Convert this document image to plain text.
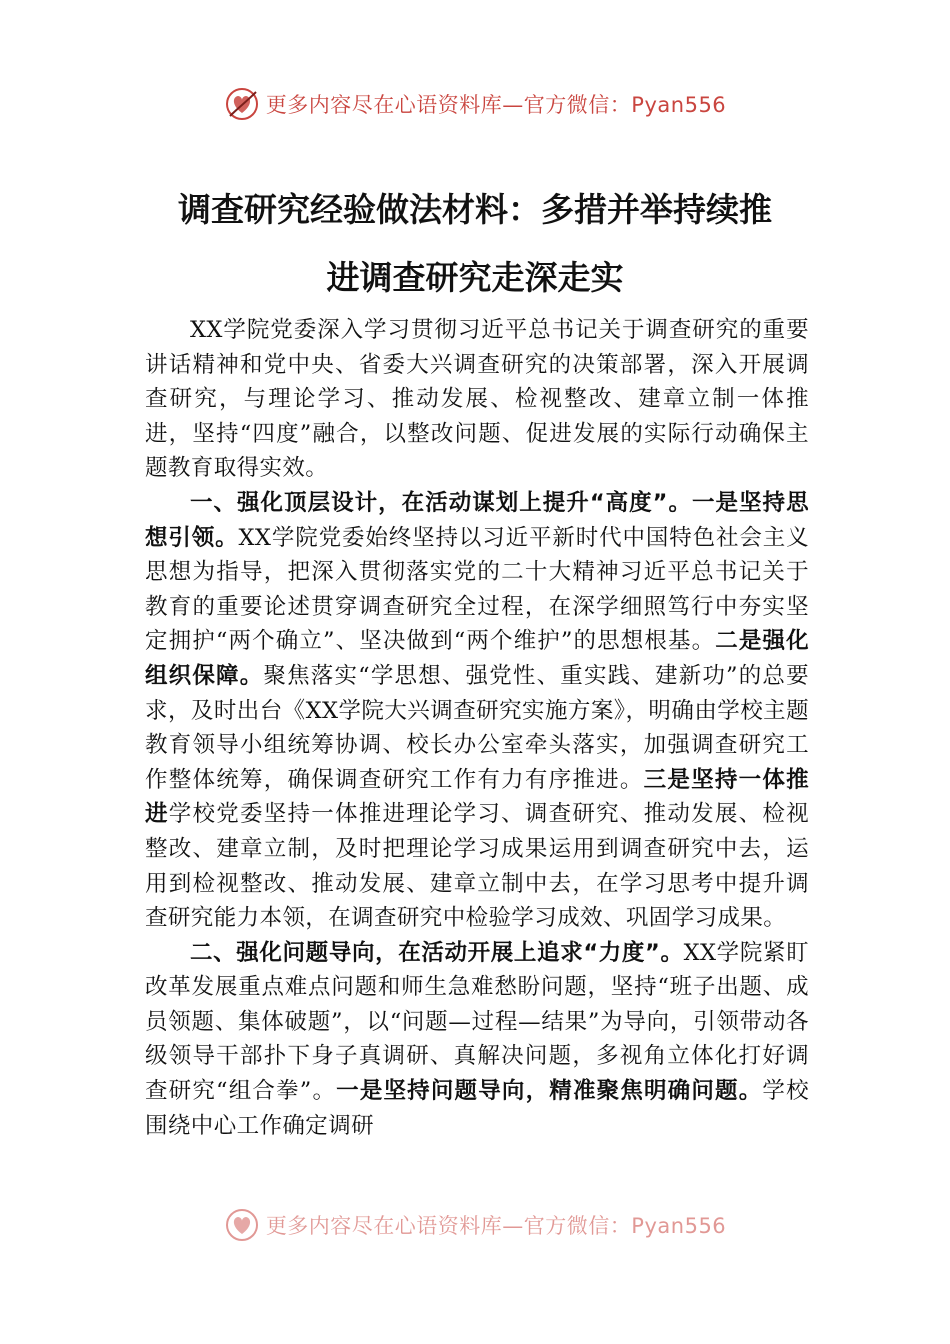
更多内容尽在心语资料库—官方微信：Pyan556
调查研究经验做法材料：多措并举持续推
进调查研究走深走实

XX学院党委深入学习贯彻习近平总书记关于调查研究的重要讲话精神和党中央、省委大兴调查研究的决策部署，深入开展调查研究，与理论学习、推动发展、检视整改、建章立制一体推进，坚持“四度”融合，以整改问题、促进发展的实际行动确保主题教育取得实效。

一、强化顶层设计，在活动谋划上提升“高度”。一是坚持思想引领。XX学院党委始终坚持以习近平新时代中国特色社会主义思想为指导，把深入贯彻落实党的二十大精神习近平总书记关于教育的重要论述贯穿调查研究全过程，在深学细照笃行中夯实坚定拥护“两个确立”、坚决做到“两个维护”的思想根基。二是强化组织保障。聚焦落实“学思想、强党性、重实践、建新功”的总要求，及时出台《XX学院大兴调查研究实施方案》，明确由学校主题教育领导小组统筹协调、校长办公室牵头落实，加强调查研究工作整体统筹，确保调查研究工作有力有序推进。三是坚持一体推进学校党委坚持一体推进理论学习、调查研究、推动发展、检视整改、建章立制，及时把理论学习成果运用到调查研究中去，运用到检视整改、推动发展、建章立制中去，在学习思考中提升调查研究能力本领，在调查研究中检验学习成效、巩固学习成果。

二、强化问题导向，在活动开展上追求“力度”。XX学院紧盯改革发展重点难点问题和师生急难愁盼问题，坚持“班子出题、成员领题、集体破题”，以“问题—过程—结果”为导向，引领带动各级领导干部扑下身子真调研、真解决问题，多视角立体化打好调查研究“组合拳”。一是坚持问题导向，精准聚焦明确问题。学校围绕中心工作确定调研

更多内容尽在心语资料库—官方微信：Pyan556
